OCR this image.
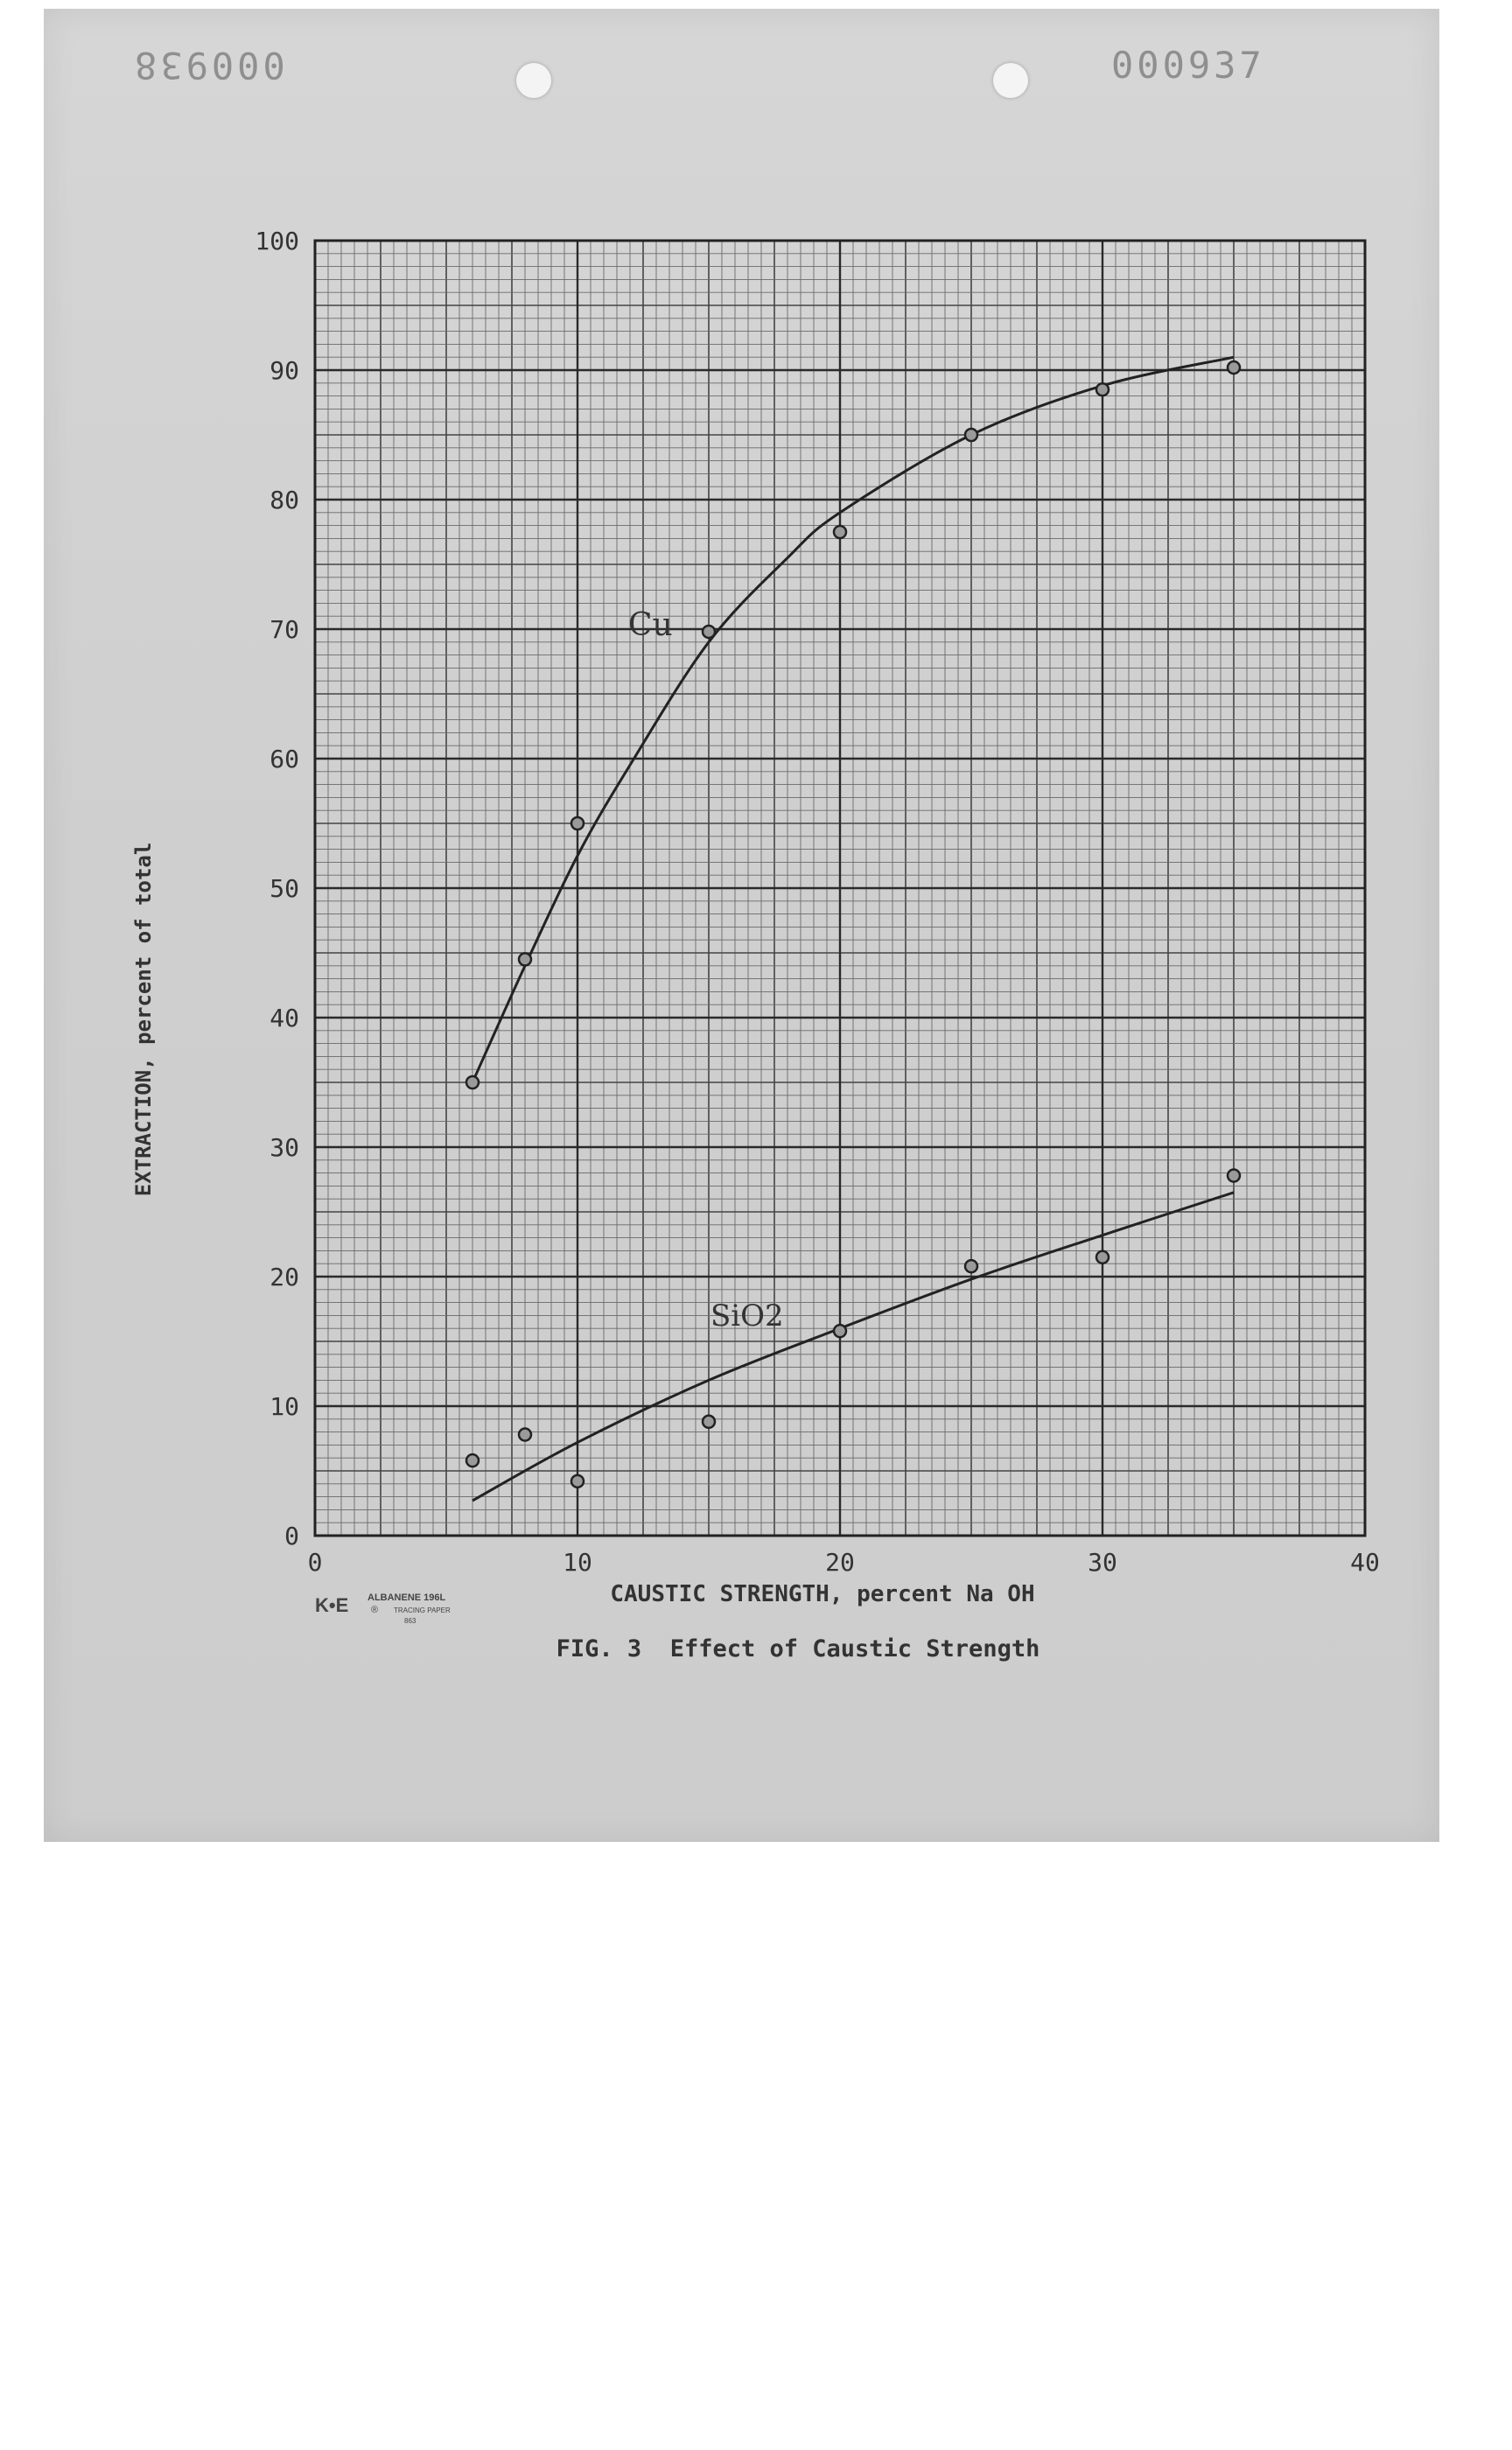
000938	000937
0
10
20
30
40
50
60
70
80
90
100
0	10	20	30	40
Cu
SiO2
EXTRACTION, percent of total
CAUSTIC STRENGTH, percent Na OH
FIG. 3  Effect of Caustic Strength
K•E ALBANENE 196L
® TRACING PAPER
863
